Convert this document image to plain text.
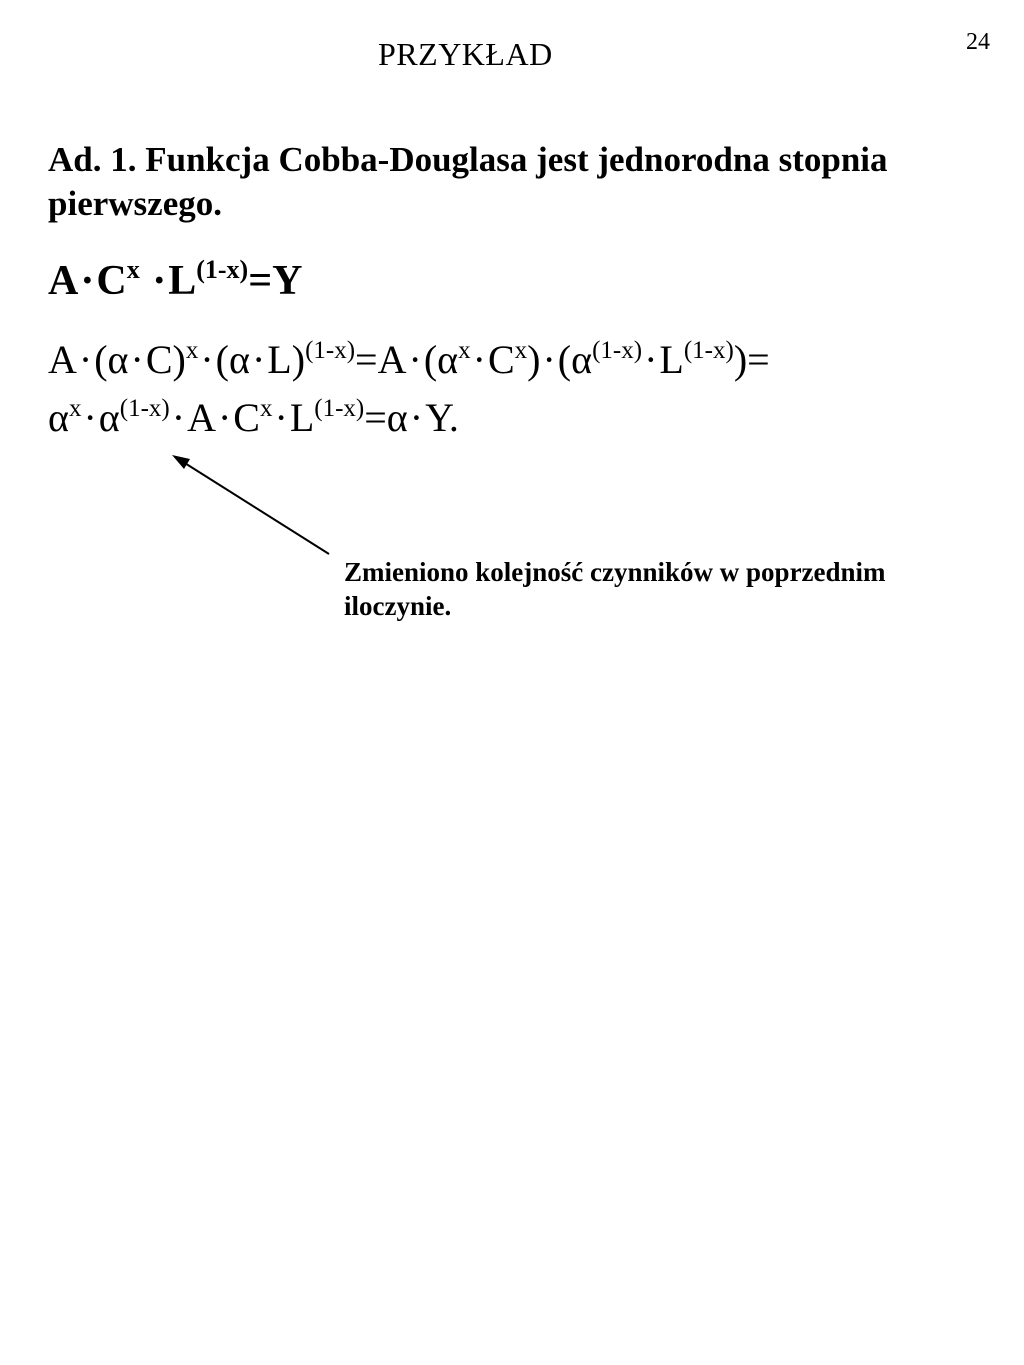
24
PRZYKŁAD
Ad. 1. Funkcja Cobba-Douglasa jest jednorodna stopnia pierwszego.
$A\cdot C^x \cdot L^{(1-x)}=Y$
$A\cdot(\alpha\cdot C)^x\cdot(\alpha\cdot L)^{(1-x)}=A\cdot(\alpha^x\cdot C^x)\cdot(\alpha^{(1-x)}\cdot L^{(1-x)})=$
$\alpha^x\cdot\alpha^{(1-x)}\cdot A\cdot C^x\cdot L^{(1-x)}=\alpha\cdot Y$.
Zmieniono kolejność czynników w poprzednim iloczynie.
